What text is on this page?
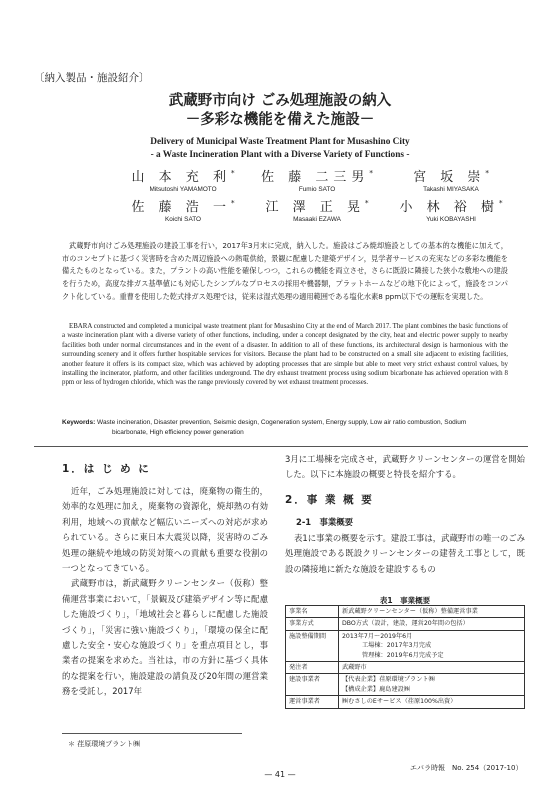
〔納入製品・施設紹介〕
武蔵野市向け ごみ処理施設の納入
－多彩な機能を備えた施設－
Delivery of Municipal Waste Treatment Plant for Musashino City
- a Waste Incineration Plant with a Diverse Variety of Functions -
山 本 充 利*
Mitsutoshi YAMAMOTO
佐 藤 二三男*
Fumio SATO
宮 坂 崇*
Takashi MIYASAKA
佐 藤 浩 一*
Koichi SATO
江 澤 正 晃*
Masaaki EZAWA
小 林 裕 樹*
Yuki KOBAYASHI
武蔵野市向けごみ処理施設の建設工事を行い，2017年3月末に完成，納入した。施設はごみ焼却施設としての基本的な機能に加えて，市のコンセプトに基づく災害時を含めた周辺施設への熱電供給，景観に配慮した建築デザイン，見学者サービスの充実などの多彩な機能を備えたものとなっている。また，プラントの高い性能を確保しつつ，これらの機能を両立させ，さらに既設に隣接した狭小な敷地への建設を行うため，高度な排ガス基準値にも対応したシンプルなプロセスの採用や機器類，プラットホームなどの地下化によって，施設をコンパクト化している。重曹を使用した乾式排ガス処理では，従来は湿式処理の適用範囲である塩化水素8 ppm以下での運転を実現した。
EBARA constructed and completed a municipal waste treatment plant for Musashino City at the end of March 2017. The plant combines the basic functions of a waste incineration plant with a diverse variety of other functions, including, under a concept designated by the city, heat and electric power supply to nearby facilities both under normal circumstances and in the event of a disaster. In addition to all of these functions, its architectural design is harmonious with the surrounding scenery and it offers further hospitable services for visitors. Because the plant had to be constructed on a small site adjacent to existing facilities, another feature it offers is its compact size, which was achieved by adopting processes that are simple but able to meet very strict exhaust control values, by installing the incinerator, platform, and other facilities underground. The dry exhaust treatment process using sodium bicarbonate has achieved operation with 8 ppm or less of hydrogen chloride, which was the range previously covered by wet exhaust treatment processes.
Keywords: Waste incineration, Disaster prevention, Seismic design, Cogeneration system, Energy supply, Low air ratio combustion, Sodium
bicarbonate, High efficiency power generation
1．は じ め に

近年，ごみ処理施設に対しては，廃棄物の衛生的，効率的な処理に加え，廃棄物の資源化，焼却熱の有効利用，地域への貢献など幅広いニーズへの対応が求められている。さらに東日本大震災以降，災害時のごみ処理の継続や地域の防災対策への貢献も重要な役割の一つとなってきている。

武蔵野市は，新武蔵野クリーンセンター（仮称）整備運営事業において，「景観及び建築デザイン等に配慮した施設づくり」，「地域社会と暮らしに配慮した施設づくり」，「災害に強い施設づくり」，「環境の保全に配慮した安全・安心な施設づくり」を重点項目とし，事業者の提案を求めた。当社は，市の方針に基づく具体的な提案を行い，施設建設の請負及び20年間の運営業務を受託し，2017年

3月に工場棟を完成させ，武蔵野クリーンセンターの運営を開始した。以下に本施設の概要と特長を紹介する。

2．事 業 概 要
2-1　事業概要

表1に事業の概要を示す。建設工事は，武蔵野市の唯一のごみ処理施設である既設クリーンセンターの建替え工事として，既設の隣接地に新たな施設を建設するもの

表1　事業概要
事業名	新武蔵野クリーンセンター（仮称）整備運営事業

事業方式	DBO方式（設計，建設，運営20年間の包括）

施設整備期間	2013年7月～2019年6月
工場棟：2017年3月完成
管理棟：2019年6月完成予定

発注者	武蔵野市

建設事業者	【代表企業】荏原環境プラント㈱
【構成企業】鹿島建設㈱

運営事業者	㈱むさしのEサービス（荏原100%出資）
＊ 荏原環境プラント㈱
エバラ時報　No. 254（2017-10）
— 41 —
